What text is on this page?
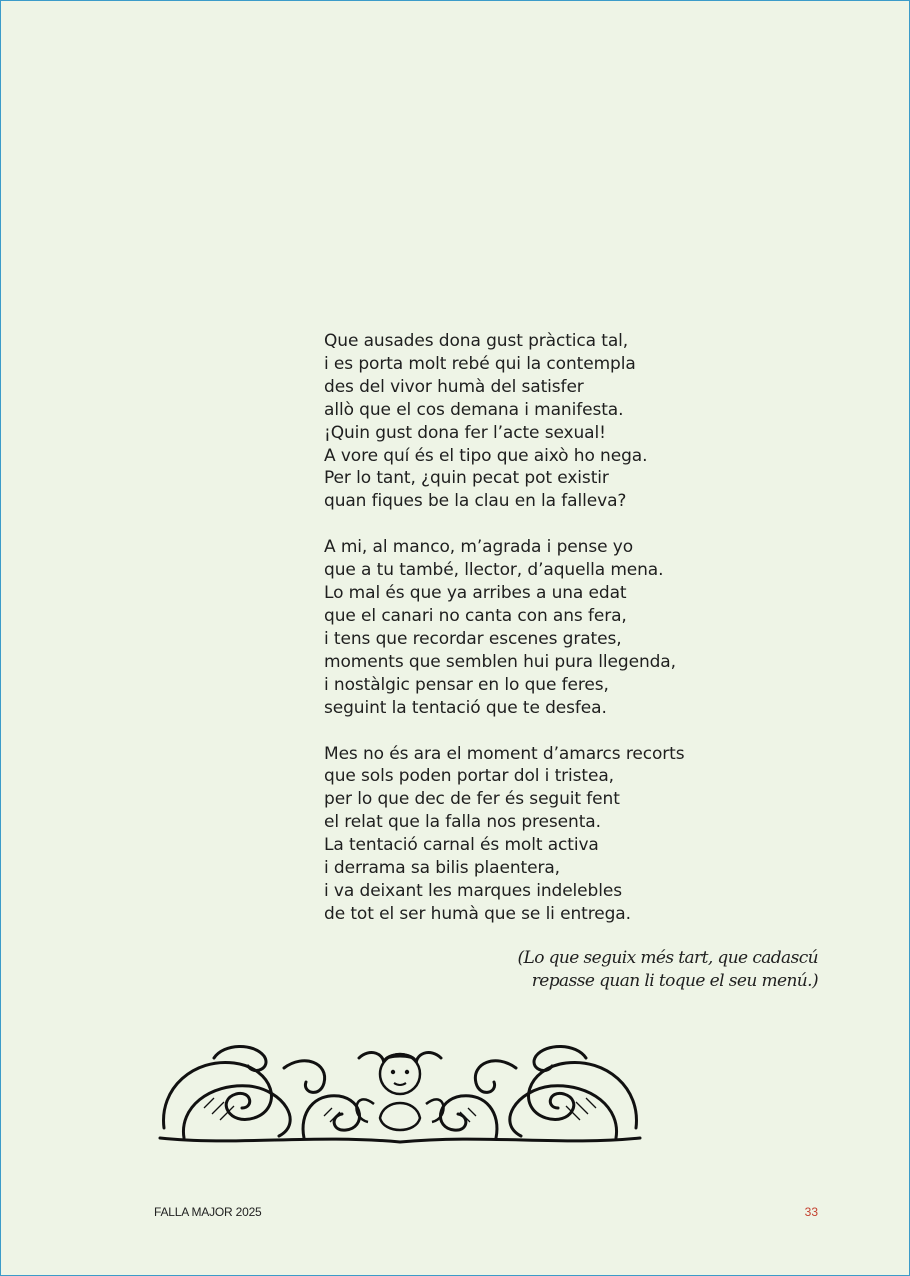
Que ausades dona gust pràctica tal,
i es porta molt rebé qui la contempla
des del vivor humà del satisfer
allò que el cos demana i manifesta.
¡Quin gust dona fer l’acte sexual!
A vore quí és el tipo que això ho nega.
Per lo tant, ¿quin pecat pot existir
quan fiques be la clau en la falleva?
A mi, al manco, m’agrada i pense yo
que a tu també, llector, d’aquella mena.
Lo mal és que ya arribes a una edat
que el canari no canta con ans fera,
i tens que recordar escenes grates,
moments que semblen hui pura llegenda,
i nostàlgic pensar en lo que feres,
seguint la tentació que te desfea.
Mes no és ara el moment d’amarcs recorts
que sols poden portar dol i tristea,
per lo que dec de fer és seguit fent
el relat que la falla nos presenta.
La tentació carnal és molt activa
i derrama sa bilis plaentera,
i va deixant les marques indelebles
de tot el ser humà que se li entrega.
(Lo que seguix més tart, que cadascú
repasse quan li toque el seu menú.)
FALLA MAJOR 2025	33
